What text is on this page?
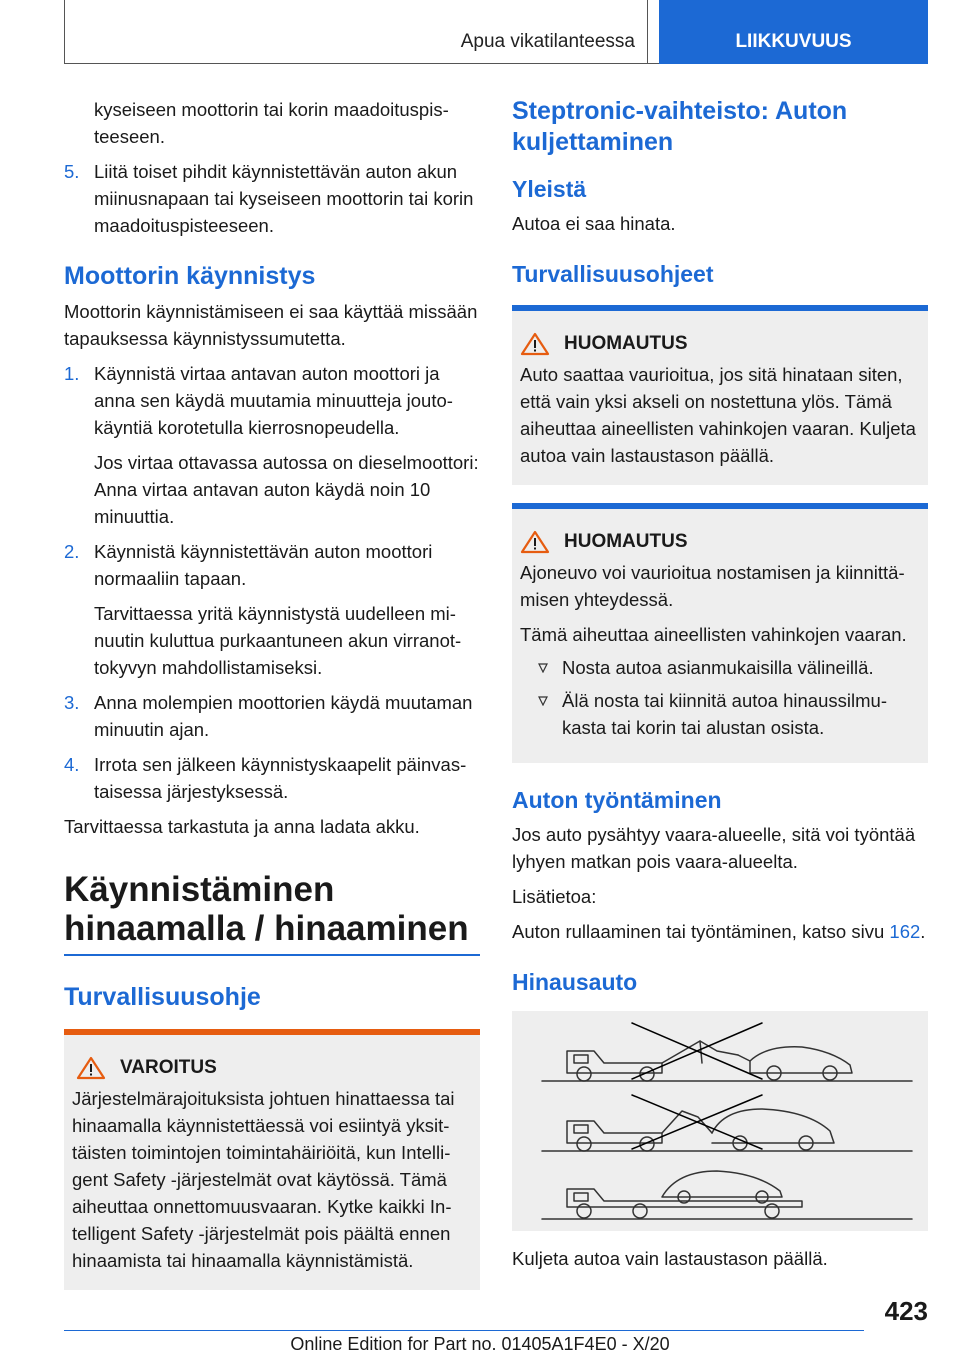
Apua vikatilanteessa	LIIKKUVUUS

kyseiseen moottorin tai korin maadoituspisteeseen.

5. Liitä toiset pihdit käynnistettävän auton akun miinusnapaan tai kyseiseen moottorin tai korin maadoituspisteeseen.

Moottorin käynnistys

Moottorin käynnistämiseen ei saa käyttää missään tapauksessa käynnistyssumutetta.

1. Käynnistä virtaa antavan auton moottori ja anna sen käydä muutamia minuutteja joutokäyntiä korotetulla kierrosnopeudella.

Jos virtaa ottavassa autossa on dieselmoottori: Anna virtaa antavan auton käydä noin 10 minuuttia.

2. Käynnistä käynnistettävän auton moottori normaaliin tapaan.

Tarvittaessa yritä käynnistystä uudelleen minuutin kuluttua purkaantuneen akun virranottokyvyn mahdollistamiseksi.

3. Anna molempien moottorien käydä muutaman minuutin ajan.

4. Irrota sen jälkeen käynnistyskaapelit päinvastaisessa järjestyksessä.

Tarvittaessa tarkastuta ja anna ladata akku.

Käynnistäminen
hinaamalla / hinaaminen
Turvallisuusohje
VAROITUS

Järjestelmärajoituksista johtuen hinattaessa tai hinaamalla käynnistettäessä voi esiintyä yksittäisten toimintojen toimintahäiriöitä, kun Intelligent Safety -järjestelmät ovat käytössä. Tämä aiheuttaa onnettomuusvaaran. Kytke kaikki Intelligent Safety -järjestelmät pois päältä ennen hinaamista tai hinaamalla käynnistämistä.

Steptronic-vaihteisto: Auton kuljettaminen
Yleistä

Autoa ei saa hinata.

Turvallisuusohjeet
HUOMAUTUS

Auto saattaa vaurioitua, jos sitä hinataan siten, että vain yksi akseli on nostettuna ylös. Tämä aiheuttaa aineellisten vahinkojen vaaran. Kuljeta autoa vain lastaustason päällä.

HUOMAUTUS

Ajoneuvo voi vaurioitua nostamisen ja kiinnittämisen yhteydessä.

Tämä aiheuttaa aineellisten vahinkojen vaaran.

Nosta autoa asianmukaisilla välineillä.

Älä nosta tai kiinnitä autoa hinaussilmukasta tai korin tai alustan osista.

Auton työntäminen

Jos auto pysähtyy vaara-alueelle, sitä voi työntää lyhyen matkan pois vaara-alueelta.

Lisätietoa:

Auton rullaaminen tai työntäminen, katso sivu 162.

Hinausauto

Kuljeta autoa vain lastaustason päällä.

423
Online Edition for Part no. 01405A1F4E0 - X/20
